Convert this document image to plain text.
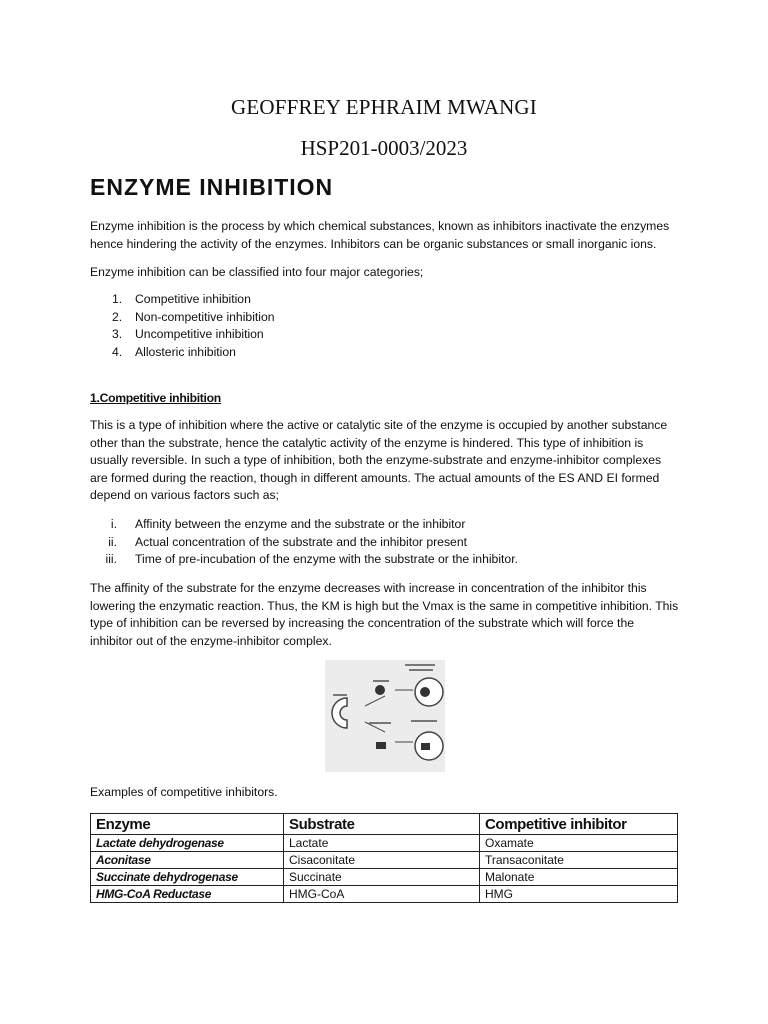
GEOFFREY EPHRAIM MWANGI
HSP201-0003/2023
ENZYME INHIBITION
Enzyme inhibition is the process by which chemical substances, known as inhibitors inactivate the enzymes hence hindering the activity of the enzymes. Inhibitors can be organic substances or small inorganic ions.
Enzyme inhibition can be classified into four major categories;
1. Competitive inhibition
2. Non-competitive inhibition
3. Uncompetitive inhibition
4. Allosteric inhibition
1.Competitive inhibition
This is a type of inhibition where the active or catalytic site of the enzyme is occupied by another substance other than the substrate, hence the catalytic activity of the enzyme is hindered. This type of inhibition is usually reversible. In such a type of inhibition, both the enzyme-substrate and enzyme-inhibitor complexes are formed during the reaction, though in different amounts. The actual amounts of the ES AND EI formed depend on various factors such as;
i. Affinity between the enzyme and the substrate or the inhibitor
ii. Actual concentration of the substrate and the inhibitor present
iii. Time of pre-incubation of the enzyme with the substrate or the inhibitor.
The affinity of the substrate for the enzyme decreases with increase in concentration of the inhibitor this lowering the enzymatic reaction. Thus, the KM is high but the Vmax is the same in competitive inhibition. This type of inhibition can be reversed by increasing the concentration of the substrate which will force the inhibitor out of the enzyme-inhibitor complex.
Examples of competitive inhibitors.
Enzyme	Substrate	Competitive inhibitor
Lactate dehydrogenase	Lactate	Oxamate
Aconitase	Cisaconitate	Transaconitate
Succinate dehydrogenase	Succinate	Malonate
HMG-CoA Reductase	HMG-CoA	HMG
